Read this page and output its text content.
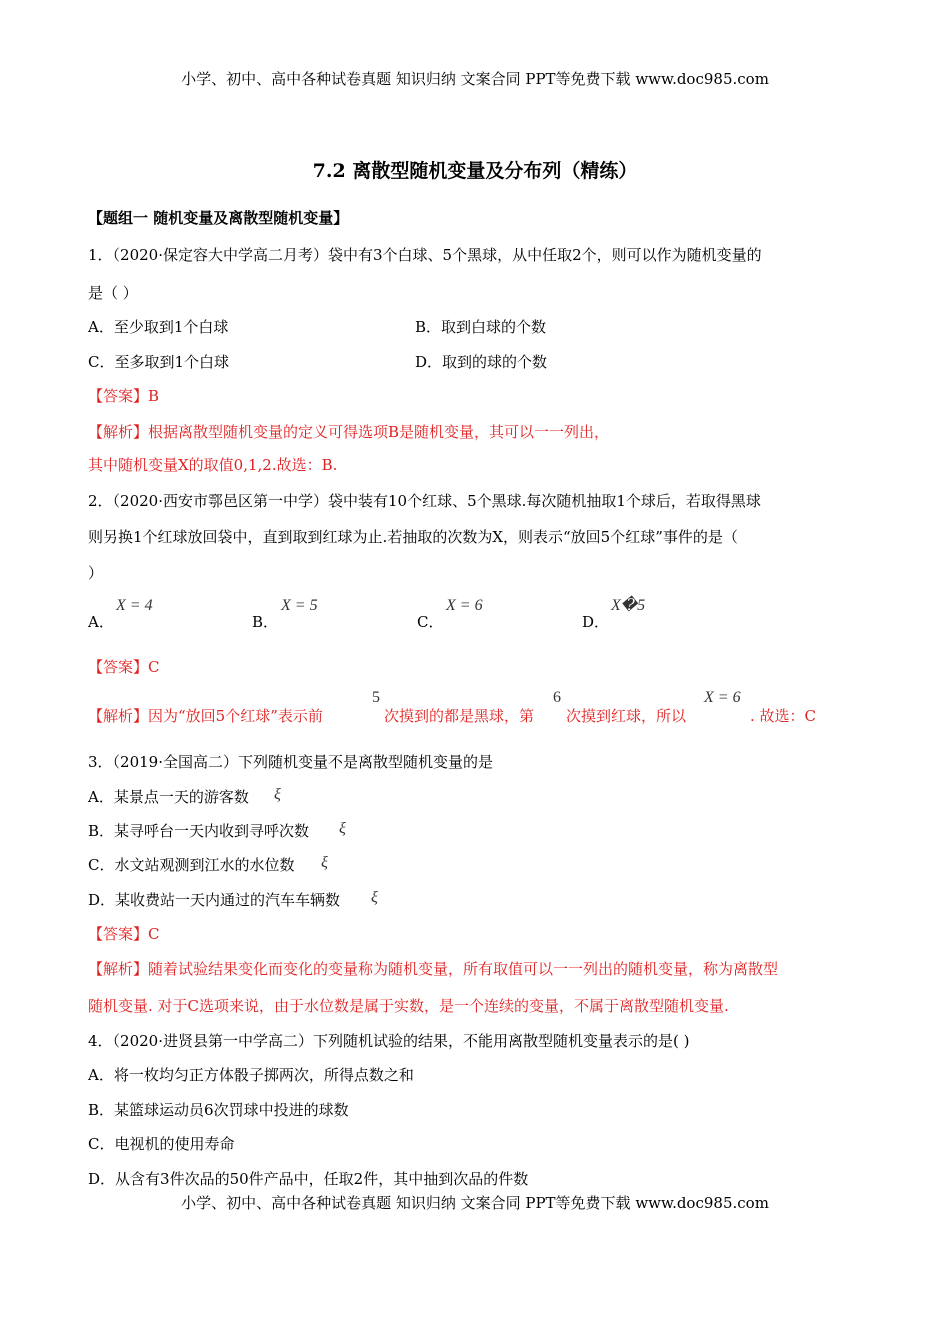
小学、初中、高中各种试卷真题 知识归纳 文案合同 PPT等免费下载 www.doc985.com
7.2 离散型随机变量及分布列（精练）
【题组一 随机变量及离散型随机变量】
1．（2020·保定容大中学高二月考）袋中有3个白球、5个黑球，从中任取2个，则可以作为随机变量的
是（ ）
A．至少取到1个白球	B．取到白球的个数
C．至多取到1个白球	D．取到的球的个数
【答案】B
【解析】根据离散型随机变量的定义可得选项B是随机变量，其可以一一列出，
其中随机变量X的取值0,1,2.故选：B.
2．（2020·西安市鄠邑区第一中学）袋中装有10个红球、5个黑球.每次随机抽取1个球后，若取得黑球
则另换1个红球放回袋中，直到取到红球为止.若抽取的次数为X，则表示“放回5个红球”事件的是（
）
A．
X = 4
B．
X = 5
C．
X = 6
D．
X�5
【答案】C
【解析】因为“放回5个红球”表示前
5
次摸到的都是黑球，第
6
次摸到红球，所以
X = 6
. 故选：C
3．（2019·全国高二）下列随机变量不是离散型随机变量的是
A．某景点一天的游客数 ξ
B．某寻呼台一天内收到寻呼次数 ξ
C．水文站观测到江水的水位数 ξ
D．某收费站一天内通过的汽车车辆数 ξ
【答案】C
【解析】随着试验结果变化而变化的变量称为随机变量，所有取值可以一一列出的随机变量，称为离散型
随机变量. 对于C选项来说，由于水位数是属于实数，是一个连续的变量，不属于离散型随机变量.
4．（2020·进贤县第一中学高二）下列随机试验的结果，不能用离散型随机变量表示的是( )
A．将一枚均匀正方体骰子掷两次，所得点数之和
B．某篮球运动员6次罚球中投进的球数
C．电视机的使用寿命
D．从含有3件次品的50件产品中，任取2件，其中抽到次品的件数
小学、初中、高中各种试卷真题 知识归纳 文案合同 PPT等免费下载 www.doc985.com
